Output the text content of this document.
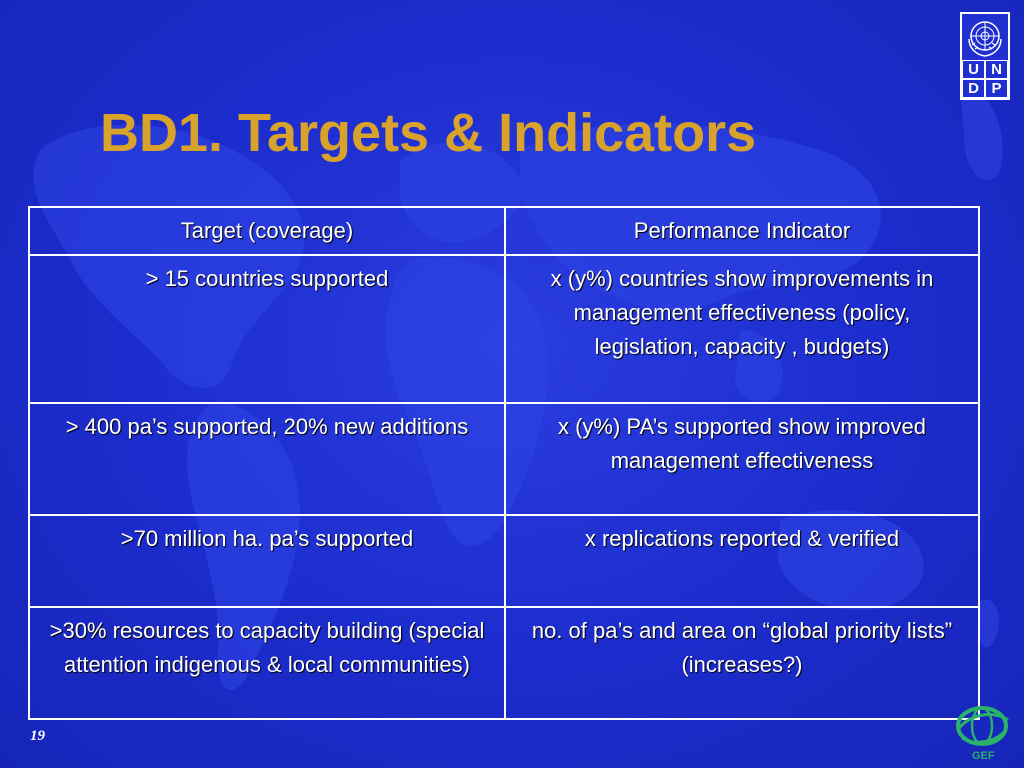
BD1. Targets & Indicators
U N
D P
Target (coverage)	Performance Indicator
> 15 countries supported	x (y%) countries show improvements in management effectiveness (policy, legislation, capacity , budgets)
> 400 pa’s supported, 20% new additions	x (y%) PA’s supported show improved management effectiveness
>70 million ha. pa’s supported	x replications reported & verified
>30% resources to capacity building (special attention indigenous & local communities)	no. of pa’s and area on “global priority lists” (increases?)
19
GEF
